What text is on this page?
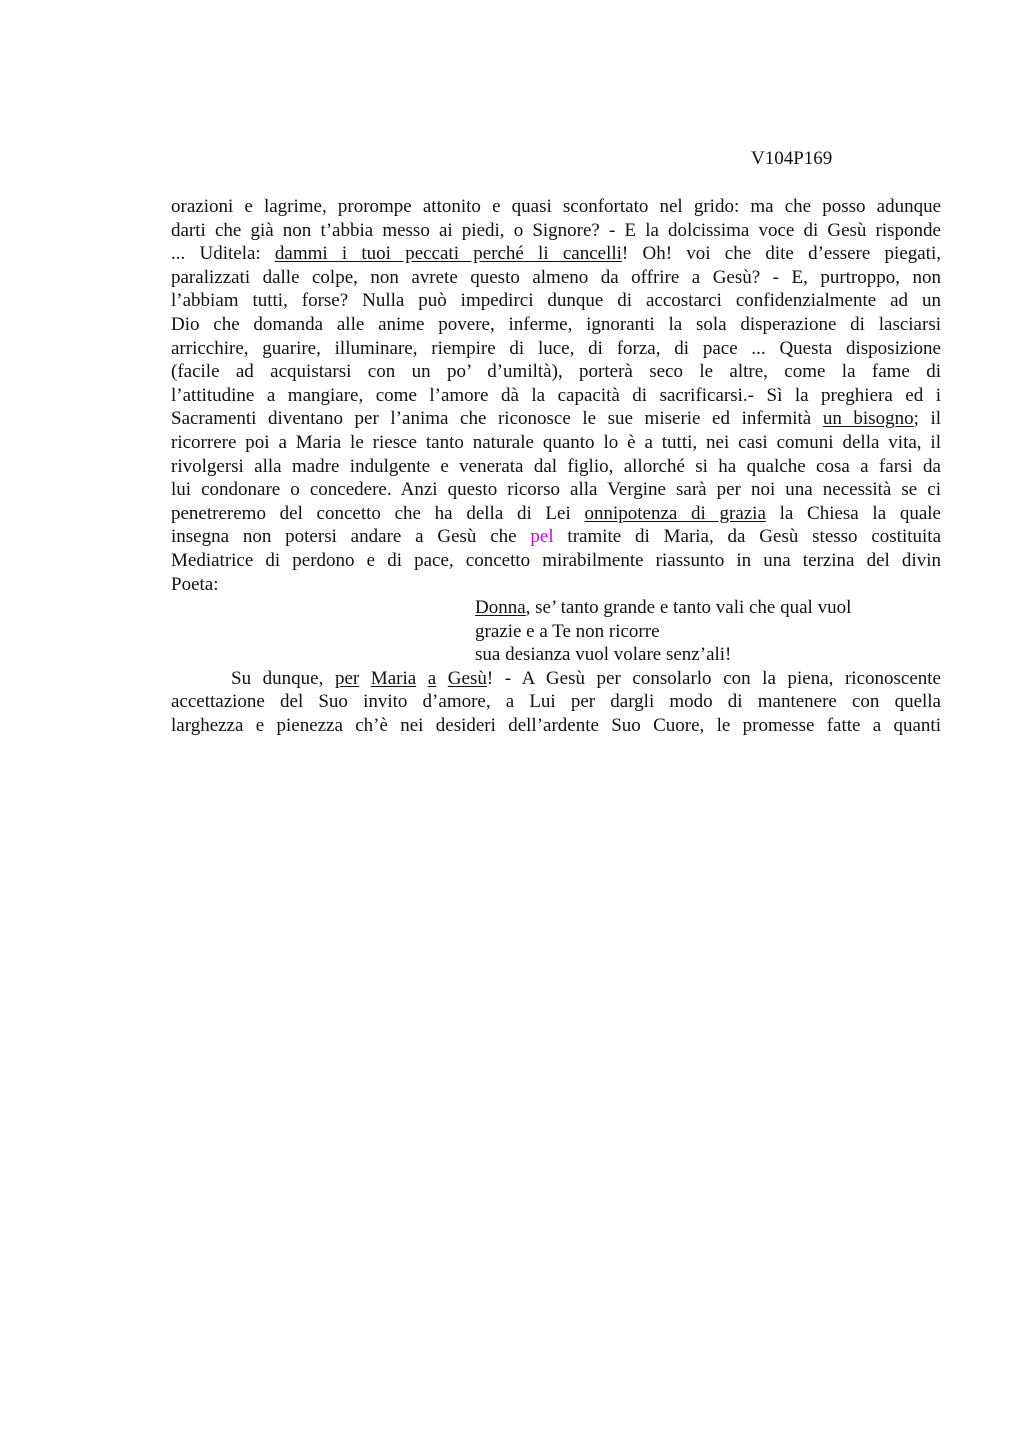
V104P169
orazioni e lagrime, prorompe attonito e quasi sconfortato nel grido: ma che posso adunque
darti che già non t’abbia messo ai piedi, o Signore? - E la dolcissima voce di Gesù risponde
... Uditela: dammi i tuoi peccati perché li cancelli! Oh! voi che dite d’essere piegati,
paralizzati dalle colpe, non avrete questo almeno da offrire a Gesù? - E, purtroppo, non
l’abbiam tutti, forse? Nulla può impedirci dunque di accostarci confidenzialmente ad un
Dio che domanda alle anime povere, inferme, ignoranti la sola disperazione di lasciarsi
arricchire, guarire, illuminare, riempire di luce, di forza, di pace ... Questa disposizione
(facile ad acquistarsi con un po’ d’umiltà), porterà seco le altre, come la fame di
l’attitudine a mangiare, come l’amore dà la capacità di sacrificarsi.- Sì la preghiera ed i
Sacramenti diventano per l’anima che riconosce le sue miserie ed infermità un bisogno; il
ricorrere poi a Maria le riesce tanto naturale quanto lo è a tutti, nei casi comuni della vita, il
rivolgersi alla madre indulgente e venerata dal figlio, allorché si ha qualche cosa a farsi da
lui condonare o concedere. Anzi questo ricorso alla Vergine sarà per noi una necessità se ci
penetreremo del concetto che ha della di Lei onnipotenza di grazia la Chiesa la quale
insegna non potersi andare a Gesù che pel tramite di Maria, da Gesù stesso costituita
Mediatrice di perdono e di pace, concetto mirabilmente riassunto in una terzina del divin
Poeta:
Donna, se’ tanto grande e tanto vali che qual vuol
grazie e a Te non ricorre
sua desianza vuol volare senz’ali!
Su dunque, per Maria a Gesù! - A Gesù per consolarlo con la piena, riconoscente
accettazione del Suo invito d’amore, a Lui per dargli modo di mantenere con quella
larghezza e pienezza ch’è nei desideri dell’ardente Suo Cuore, le promesse fatte a quanti
